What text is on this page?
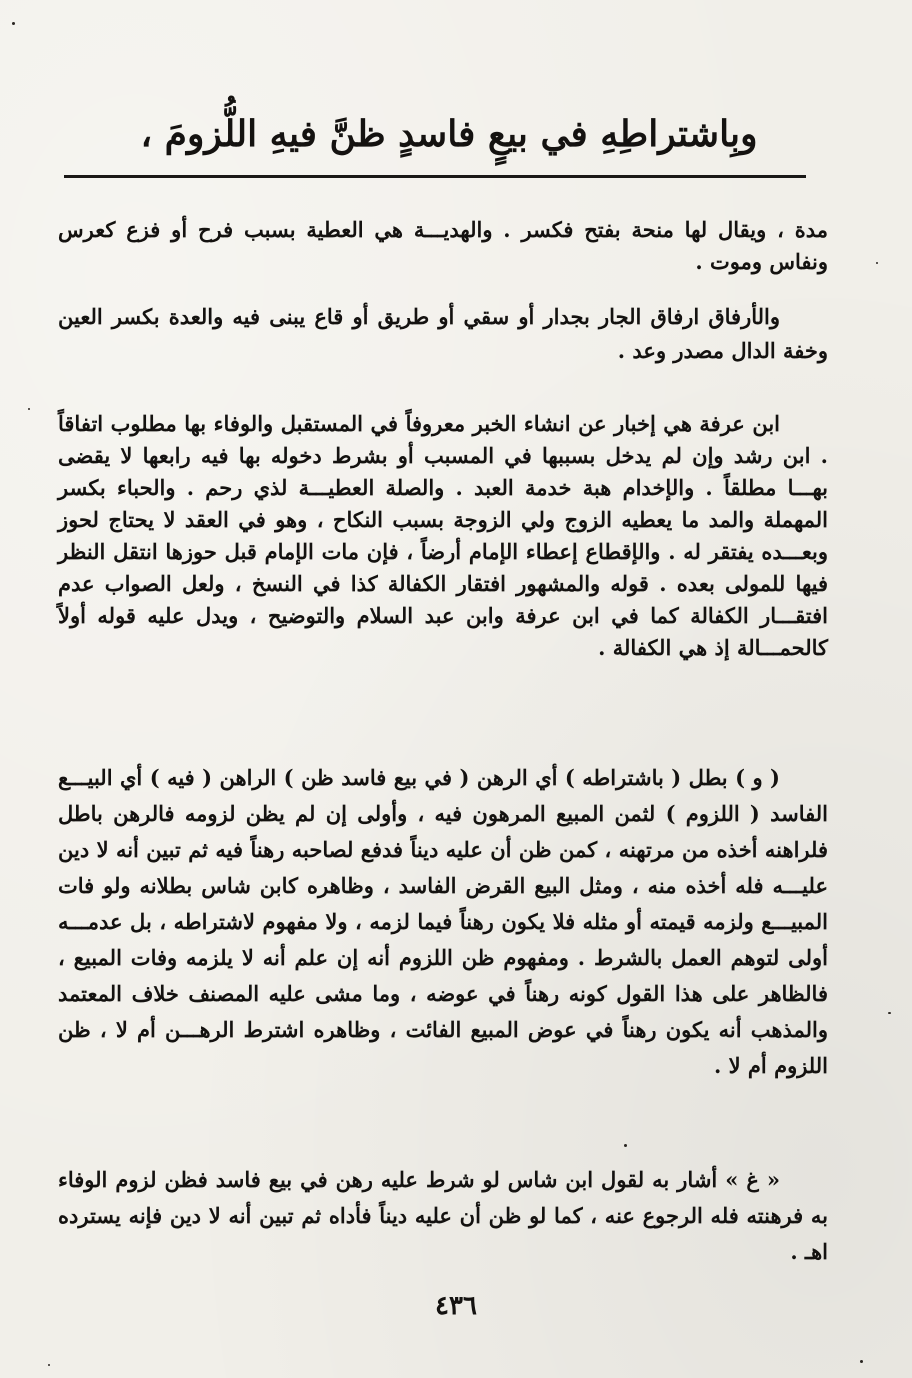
وبِاشتراطِهِ في بيعٍ فاسدٍ ظنَّ فيهِ اللُّزومَ ،

مدة ، ويقال لها منحة بفتح فكسر . والهديـــة هي العطية بسبب فرح أو فزع كعرس ونفاس وموت .

والأرفاق ارفاق الجار بجدار أو سقي أو طريق أو قاع يبنى فيه والعدة بكسر العين وخفة الدال مصدر وعد .

ابن عرفة هي إخبار عن انشاء الخبر معروفاً في المستقبل والوفاء بها مطلوب اتفاقاً . ابن رشد وإن لم يدخل بسببها في المسبب أو بشرط دخوله بها فيه رابعها لا يقضى بهـــا مطلقاً . والإخدام هبة خدمة العبد . والصلة العطيـــة لذي رحم . والحباء بكسر المهملة والمد ما يعطيه الزوج ولي الزوجة بسبب النكاح ، وهو في العقد لا يحتاج لحوز وبعـــده يفتقر له . والإقطاع إعطاء الإمام أرضاً ، فإن مات الإمام قبل حوزها انتقل النظر فيها للمولى بعده . قوله والمشهور افتقار الكفالة كذا في النسخ ، ولعل الصواب عدم افتقـــار الكفالة كما في ابن عرفة وابن عبد السلام والتوضيح ، ويدل عليه قوله أولاً كالحمـــالة إذ هي الكفالة .

( و ) بطل ( باشتراطه ) أي الرهن ( في بيع فاسد ظن ) الراهن ( فيه ) أي البيـــع الفاسد ( اللزوم ) لثمن المبيع المرهون فيه ، وأولى إن لم يظن لزومه فالرهن باطل فلراهنه أخذه من مرتهنه ، كمن ظن أن عليه ديناً فدفع لصاحبه رهناً فيه ثم تبين أنه لا دين عليـــه فله أخذه منه ، ومثل البيع القرض الفاسد ، وظاهره كابن شاس بطلانه ولو فات المبيـــع ولزمه قيمته أو مثله فلا يكون رهناً فيما لزمه ، ولا مفهوم لاشتراطه ، بل عدمـــه أولى لتوهم العمل بالشرط . ومفهوم ظن اللزوم أنه إن علم أنه لا يلزمه وفات المبيع ، فالظاهر على هذا القول كونه رهناً في عوضه ، وما مشى عليه المصنف خلاف المعتمد والمذهب أنه يكون رهناً في عوض المبيع الفائت ، وظاهره اشترط الرهـــن أم لا ، ظن اللزوم أم لا .

« غ » أشار به لقول ابن شاس لو شرط عليه رهن في بيع فاسد فظن لزوم الوفاء به فرهنته فله الرجوع عنه ، كما لو ظن أن عليه ديناً فأداه ثم تبين أنه لا دين فإنه يسترده اهـ .

٤٣٦
